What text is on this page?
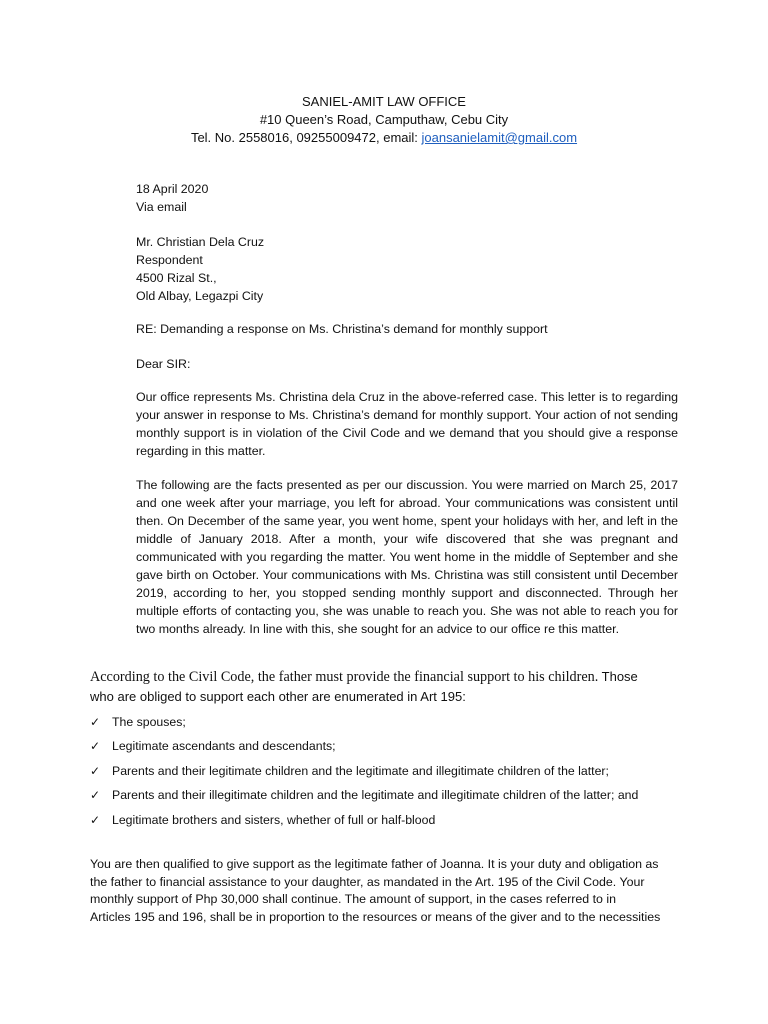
SANIEL-AMIT LAW OFFICE
#10 Queen’s Road, Camputhaw, Cebu City
Tel. No. 2558016, 09255009472, email: joansanielamit@gmail.com
18 April 2020
Via email
Mr. Christian Dela Cruz
Respondent
4500 Rizal St.,
Old Albay, Legazpi City
RE: Demanding a response on Ms. Christina’s demand for monthly support
Dear SIR:
Our office represents Ms. Christina dela Cruz in the above-referred case. This letter is to regarding your answer in response to Ms. Christina’s demand for monthly support. Your action of not sending monthly support is in violation of the Civil Code and we demand that you should give a response regarding in this matter.
The following are the facts presented as per our discussion. You were married on March 25, 2017 and one week after your marriage, you left for abroad. Your communications was consistent until then. On December of the same year, you went home, spent your holidays with her, and left in the middle of January 2018. After a month, your wife discovered that she was pregnant and communicated with you regarding the matter. You went home in the middle of September and she gave birth on October. Your communications with Ms. Christina was still consistent until December 2019, according to her, you stopped sending monthly support and disconnected. Through her multiple efforts of contacting you, she was unable to reach you. She was not able to reach you for two months already. In line with this, she sought for an advice to our office re this matter.
According to the Civil Code, the father must provide the financial support to his children. Those
who are obliged to support each other are enumerated in Art 195:
✓ The spouses;
✓ Legitimate ascendants and descendants;
✓ Parents and their legitimate children and the legitimate and illegitimate children of the latter;
✓ Parents and their illegitimate children and the legitimate and illegitimate children of the latter; and
✓ Legitimate brothers and sisters, whether of full or half-blood
You are then qualified to give support as the legitimate father of Joanna. It is your duty and obligation as
the father to financial assistance to your daughter, as mandated in the Art. 195 of the Civil Code. Your
monthly support of Php 30,000 shall continue. The amount of support, in the cases referred to in
Articles 195 and 196, shall be in proportion to the resources or means of the giver and to the necessities
